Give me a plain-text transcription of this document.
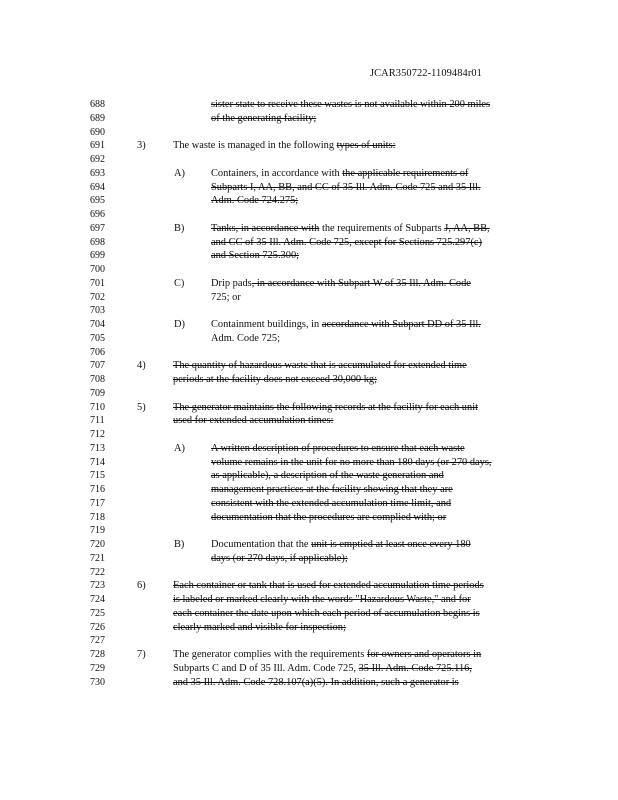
JCAR350722-1109484r01
688	sister state to receive these wastes is not available within 200 miles
689	of the generating facility;
690
691	3)	The waste is managed in the following types of units:
692
693	A)	Containers, in accordance with the applicable requirements of
694	Subparts I, AA, BB, and CC of 35 Ill. Adm. Code 725 and 35 Ill.
695	Adm. Code 724.275;
696
697	B)	Tanks, in accordance with the requirements of Subparts J, AA, BB,
698	and CC of 35 Ill. Adm. Code 725, except for Sections 725.297(c)
699	and Section 725.300;
700
701	C)	Drip pads, in accordance with Subpart W of 35 Ill. Adm. Code
702	725; or
703
704	D)	Containment buildings, in accordance with Subpart DD of 35 Ill.
705	Adm. Code 725;
706
707	4)	The quantity of hazardous waste that is accumulated for extended time
708	periods at the facility does not exceed 30,000 kg;
709
710	5)	The generator maintains the following records at the facility for each unit
711	used for extended accumulation times:
712
713	A)	A written description of procedures to ensure that each waste
714	volume remains in the unit for no more than 180 days (or 270 days,
715	as applicable), a description of the waste generation and
716	management practices at the facility showing that they are
717	consistent with the extended accumulation time limit, and
718	documentation that the procedures are complied with; or
719
720	B)	Documentation that the unit is emptied at least once every 180
721	days (or 270 days, if applicable);
722
723	6)	Each container or tank that is used for extended accumulation time periods
724	is labeled or marked clearly with the words "Hazardous Waste," and for
725	each container the date upon which each period of accumulation begins is
726	clearly marked and visible for inspection;
727
728	7)	The generator complies with the requirements for owners and operators in
729	Subparts C and D of 35 Ill. Adm. Code 725, 35 Ill. Adm. Code 725.116,
730	and 35 Ill. Adm. Code 728.107(a)(5). In addition, such a generator is
